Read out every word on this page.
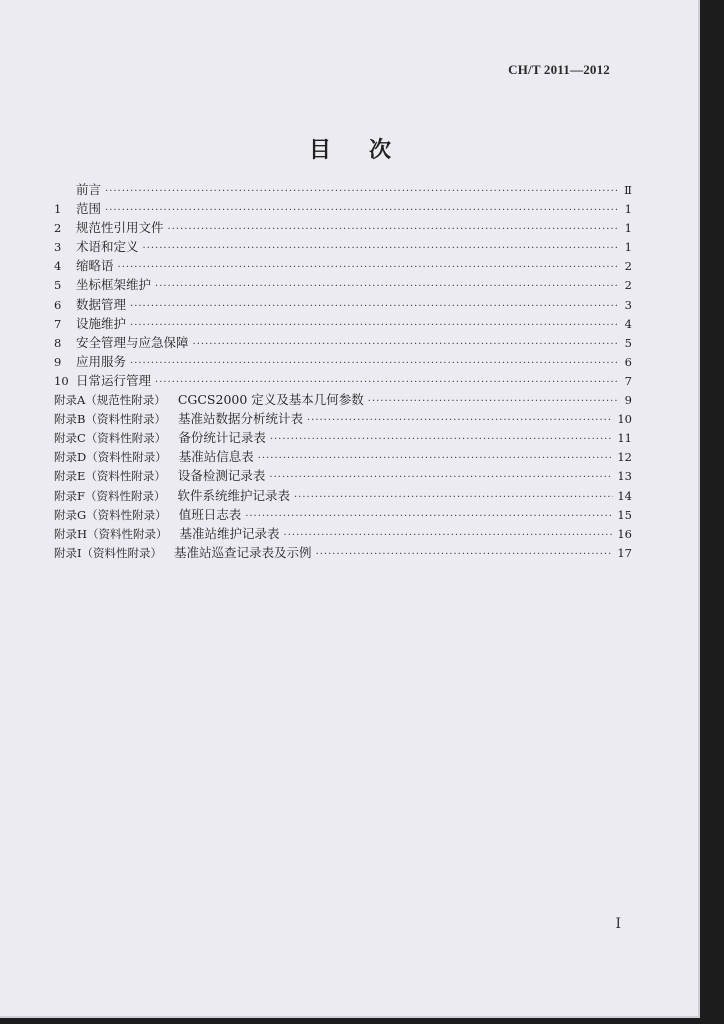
CH/T 2011—2012
目次
前言 ·····	Ⅱ
1	范围 ·····	1
2	规范性引用文件 ·····	1
3	术语和定义 ·····	1
4	缩略语 ·····	2
5	坐标框架维护 ·····	2
6	数据管理 ·····	3
7	设施维护 ·····	4
8	安全管理与应急保障 ·····	5
9	应用服务 ·····	6
10 日常运行管理 ·····	7
附录A（规范性附录） CGCS2000 定义及基本几何参数 ·····	9
附录B（资料性附录） 基准站数据分析统计表 ·····	10
附录C（资料性附录） 备份统计记录表 ·····	11
附录D（资料性附录） 基准站信息表 ·····	12
附录E（资料性附录） 设备检测记录表 ·····	13
附录F（资料性附录） 软件系统维护记录表 ·····	14
附录G（资料性附录） 值班日志表 ·····	15
附录H（资料性附录） 基准站维护记录表 ·····	16
附录I（资料性附录） 基准站巡查记录表及示例 ·····	17
I
